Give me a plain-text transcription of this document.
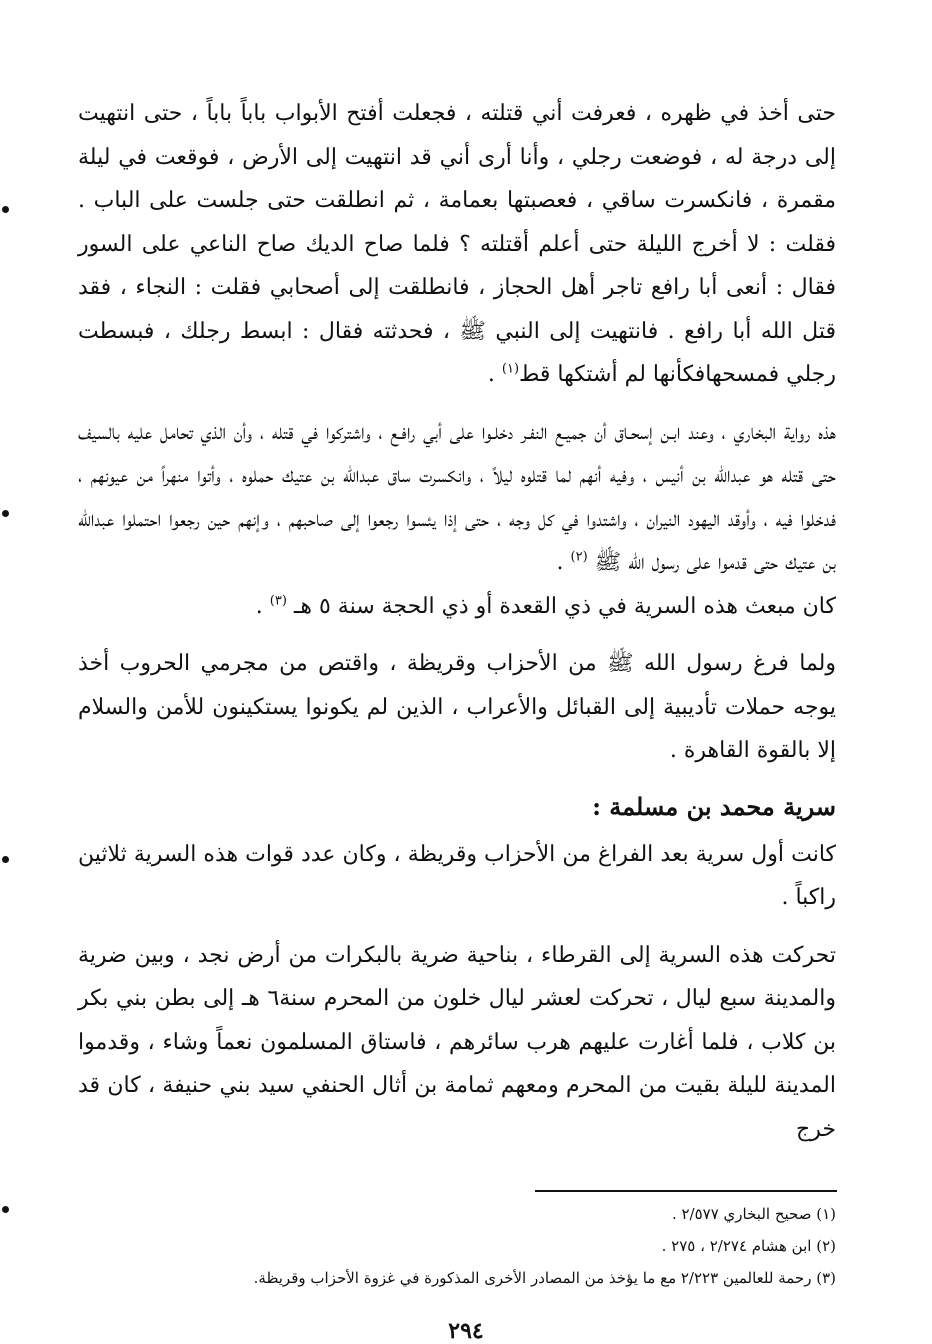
حتى أخذ في ظهره ، فعرفت أني قتلته ، فجعلت أفتح الأبواب باباً باباً ، حتى انتهيت إلى درجة له ، فوضعت رجلي ، وأنا أرى أني قد انتهيت إلى الأرض ، فوقعت في ليلة مقمرة ، فانكسرت ساقي ، فعصبتها بعمامة ، ثم انطلقت حتى جلست على الباب . فقلت : لا أخرج الليلة حتى أعلم أقتلته ؟ فلما صاح الديك صاح الناعي على السور فقال : أنعى أبا رافع تاجر أهل الحجاز ، فانطلقت إلى أصحابي فقلت : النجاء ، فقد قتل الله أبا رافع . فانتهيت إلى النبي ﷺ ، فحدثته فقال : ابسط رجلك ، فبسطت رجلي فمسحهافكأنها لم أشتكها قط$^{(١)}$ .

هذه رواية البخاري ، وعند ابـن إسحـاق أن جميـع النفـر دخلـوا على أبي رافـع ، واشتركوا في قتله ، وأن الذي تحامل عليه بالسيف حتى قتله هو عبدالله بن أنيس ، وفيه أنهم لما قتلوه ليلاً ، وانكسرت ساق عبدالله بن عتيك حملوه ، وأتوا منهراً من عيونهم ، فدخلوا فيه ، وأوقد اليهود النيران ، واشتدوا في كل وجه ، حتى إذا يئسوا رجعوا إلى صاحبهم ، وإنهم حين رجعوا احتملوا عبدالله بن عتيك حتى قدموا على رسول الله ﷺ $^{(٢)}$ .

كان مبعث هذه السرية في ذي القعدة أو ذي الحجة سنة ٥ هـ $^{(٣)}$ .

ولما فرغ رسول الله ﷺ من الأحزاب وقريظة ، واقتص من مجرمي الحروب أخذ يوجه حملات تأديبية إلى القبائل والأعراب ، الذين لم يكونوا يستكينون للأمن والسلام إلا بالقوة القاهرة .

سرية محمد بن مسلمة :

كانت أول سرية بعد الفراغ من الأحزاب وقريظة ، وكان عدد قوات هذه السرية ثلاثين راكباً .

تحركت هذه السرية إلى القرطاء ، بناحية ضرية بالبكرات من أرض نجد ، وبين ضرية والمدينة سبع ليال ، تحركت لعشر ليال خلون من المحرم سنة٦ هـ إلى بطن بني بكر بن كلاب ، فلما أغارت عليهم هرب سائرهم ، فاستاق المسلمون نعماً وشاء ، وقدموا المدينة لليلة بقيت من المحرم ومعهم ثمامة بن أثال الحنفي سيد بني حنيفة ، كان قد خرج

(١) صحيح البخاري ٢/٥٧٧ .

(٢) ابن هشام ٢/٢٧٤ ، ٢٧٥ .

(٣) رحمة للعالمين ٢/٢٢٣ مع ما يؤخذ من المصادر الأخرى المذكورة في غزوة الأحزاب وقريظة.

٢٩٤
